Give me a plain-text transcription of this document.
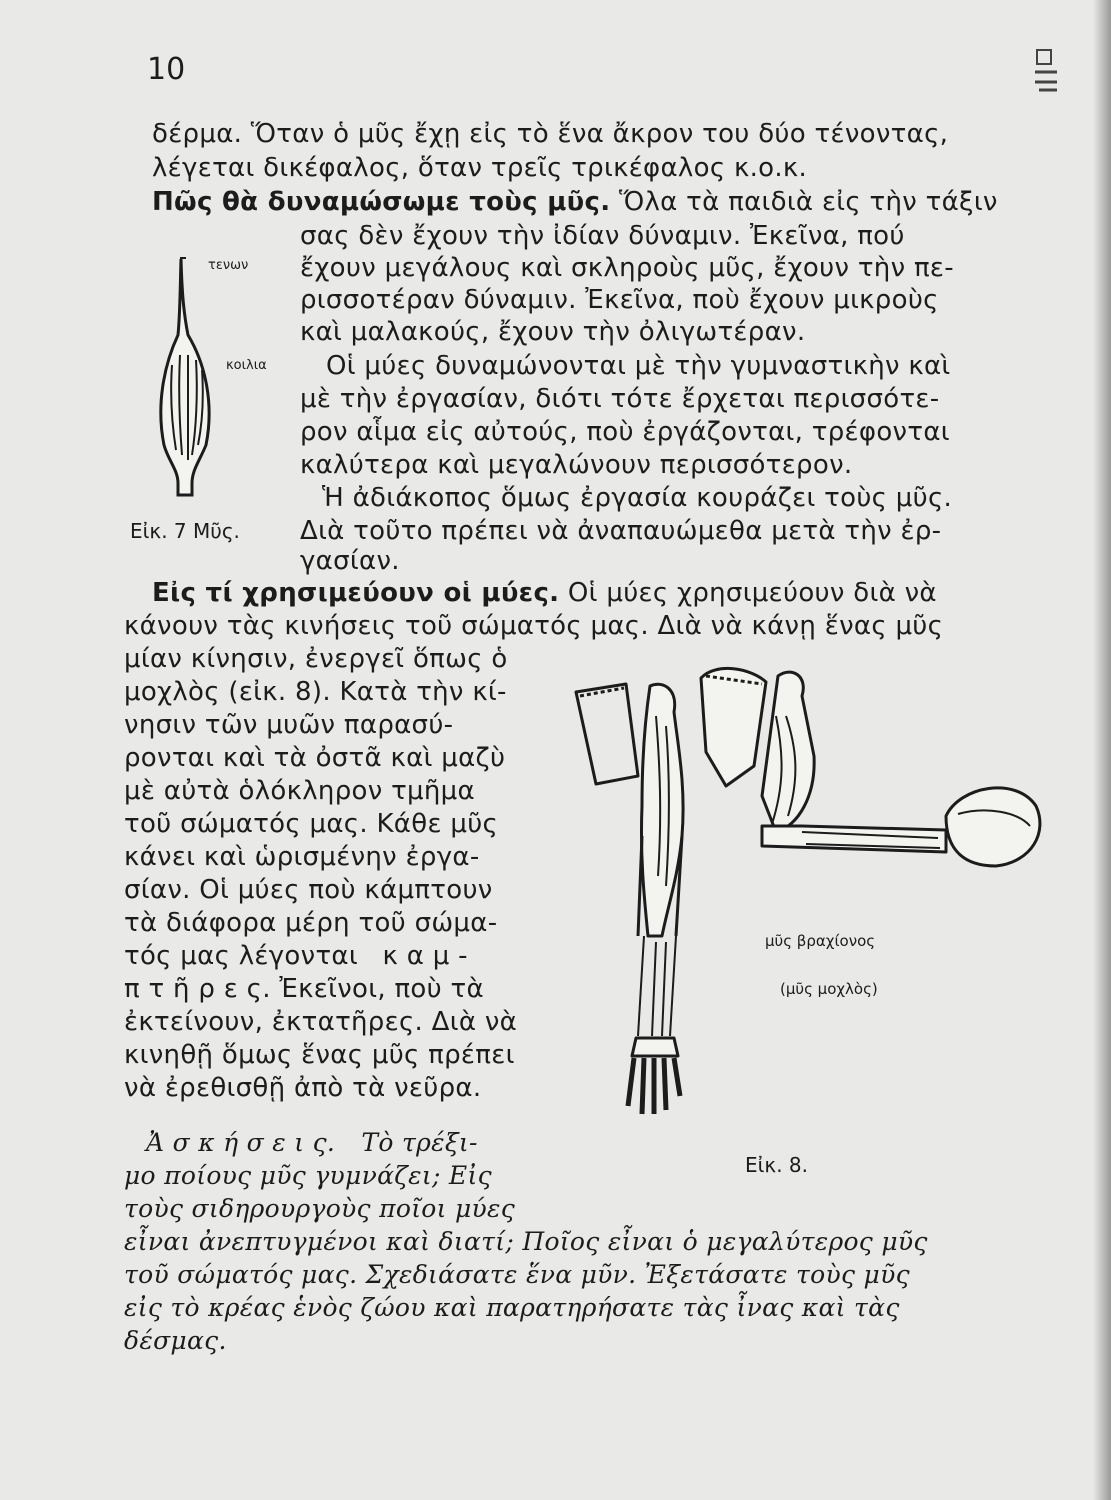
10
δέρμα. Ὅταν ὁ μῦς ἔχῃ εἰς τὸ ἕνα ἄκρον του δύο τένοντας,
λέγεται δικέφαλος, ὅταν τρεῖς τρικέφαλος κ.ο.κ.
Πῶς θὰ δυναμώσωμε τοὺς μῦς. Ὅλα τὰ παιδιὰ εἰς τὴν τάξιν
τενων
κοιλια
Εἰκ. 7 Μῦς.
σας δὲν ἔχουν τὴν ἰδίαν δύναμιν. Ἐκεῖνα, πού
ἔχουν μεγάλους καὶ σκληροὺς μῦς, ἔχουν τὴν πε-
ρισσοτέραν δύναμιν. Ἐκεῖνα, ποὺ ἔχουν μικροὺς
καὶ μαλακούς, ἔχουν τὴν ὀλιγωτέραν.
Οἱ μύες δυναμώνονται μὲ τὴν γυμναστικὴν καὶ
μὲ τὴν ἐργασίαν, διότι τότε ἔρχεται περισσότε-
ρον αἷμα εἰς αὐτούς, ποὺ ἐργάζονται, τρέφονται
καλύτερα καὶ μεγαλώνουν περισσότερον.
Ἡ ἀδιάκοπος ὅμως ἐργασία κουράζει τοὺς μῦς.
Διὰ τοῦτο πρέπει νὰ ἀναπαυώμεθα μετὰ τὴν ἐρ-
γασίαν.
Εἰς τί χρησιμεύουν οἱ μύες. Οἱ μύες χρησιμεύουν διὰ νὰ
κάνουν τὰς κινήσεις τοῦ σώματός μας. Διὰ νὰ κάνῃ ἕνας μῦς
μίαν κίνησιν, ἐνεργεῖ ὅπως ὁ
μοχλὸς (εἰκ. 8). Κατὰ τὴν κί-
νησιν τῶν μυῶν παρασύ-
ρονται καὶ τὰ ὀστᾶ καὶ μαζὺ
μὲ αὐτὰ ὁλόκληρον τμῆμα
τοῦ σώματός μας. Κάθε μῦς
κάνει καὶ ὡρισμένην ἐργα-
σίαν. Οἱ μύες ποὺ κάμπτουν
τὰ διάφορα μέρη τοῦ σώμα-
τός μας λέγονται κ α μ -
π τ ῆ ρ ε ς. Ἐκεῖνοι, ποὺ τὰ
ἐκτείνουν, ἐκτατῆρες. Διὰ νὰ
κινηθῇ ὅμως ἕνας μῦς πρέπει
νὰ ἐρεθισθῇ ἀπὸ τὰ νεῦρα.
μῦς βραχίονος
(μῦς μοχλὸς)
Εἰκ. 8.
Ἀ σ κ ή σ ε ι ς. Τὸ τρέξι-
μο ποίους μῦς γυμνάζει; Εἰς
τοὺς σιδηρουργοὺς ποῖοι μύες
εἶναι ἀνεπτυγμένοι καὶ διατί; Ποῖος εἶναι ὁ μεγαλύτερος μῦς
τοῦ σώματός μας. Σχεδιάσατε ἕνα μῦν. Ἐξετάσατε τοὺς μῦς
εἰς τὸ κρέας ἑνὸς ζώου καὶ παρατηρήσατε τὰς ἶνας καὶ τὰς
δέσμας.
